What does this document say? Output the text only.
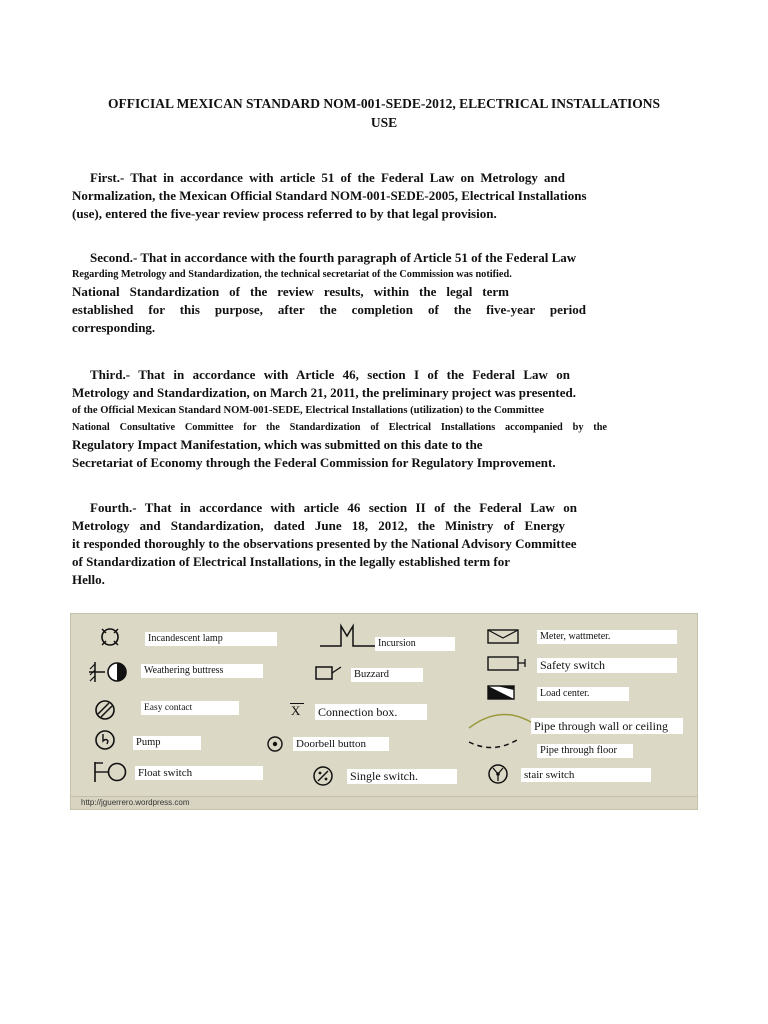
OFFICIAL MEXICAN STANDARD NOM-001-SEDE-2012, ELECTRICAL INSTALLATIONS
USE
First.- That in accordance with article 51 of the Federal Law on Metrology and
Normalization, the Mexican Official Standard NOM-001-SEDE-2005, Electrical Installations
(use), entered the five-year review process referred to by that legal provision.
Second.- That in accordance with the fourth paragraph of Article 51 of the Federal Law
Regarding Metrology and Standardization, the technical secretariat of the Commission was notified.
National Standardization of the review results, within the legal term
established for this purpose, after the completion of the five-year period
corresponding.
Third.- That in accordance with Article 46, section I of the Federal Law on
Metrology and Standardization, on March 21, 2011, the preliminary project was presented.
of the Official Mexican Standard NOM-001-SEDE, Electrical Installations (utilization) to the Committee
National Consultative Committee for the Standardization of Electrical Installations accompanied by the
Regulatory Impact Manifestation, which was submitted on this date to the
Secretariat of Economy through the Federal Commission for Regulatory Improvement.
Fourth.- That in accordance with article 46 section II of the Federal Law on
Metrology and Standardization, dated June 18, 2012, the Ministry of Energy
it responded thoroughly to the observations presented by the National Advisory Committee
of Standardization of Electrical Installations, in the legally established term for
Hello.
Incandescent lamp
Weathering buttress
Easy contact
Pump
Float switch
Incursion
Buzzard
X Connection box.
Doorbell button
Single switch.
Meter, wattmeter.
Safety switch
Load center.
Pipe through wall or ceiling
Pipe through floor
stair switch
http://jguerrero.wordpress.com
